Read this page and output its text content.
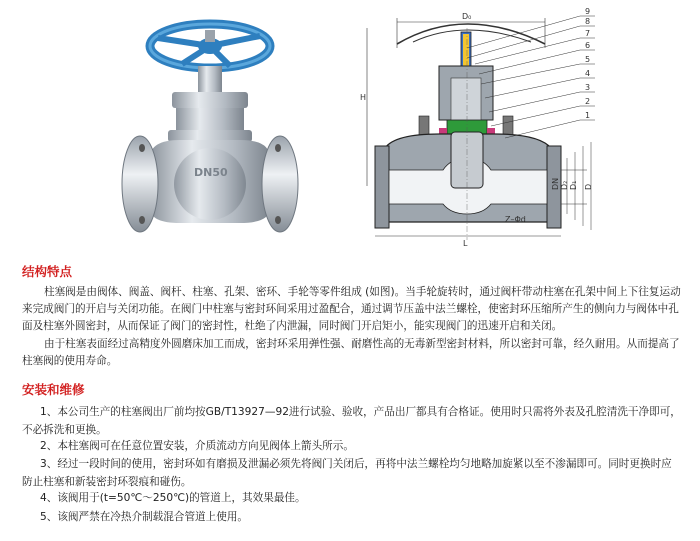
DN50
D₀
H
L
Z–Φd
DN D₂ D₁ D
9
8
7
6
5
4
3
2
1
结构特点
柱塞阀是由阀体、阀盖、阀杆、柱塞、孔架、密环、手轮等零件组成 (如图)。当手轮旋转时，通过阀杆带动柱塞在孔架中间上下往复运动来完成阀门的开启与关闭功能。在阀门中柱塞与密封环间采用过盈配合，通过调节压盖中法兰螺栓，使密封环压缩所产生的侧向力与阀体中孔面及柱塞外圆密封，从而保证了阀门的密封性，杜绝了内泄漏，同时阀门开启矩小，能实现阀门的迅速开启和关闭。
由于柱塞表面经过高精度外圆磨床加工而成，密封环采用弹性强、耐磨性高的无毒新型密封材料，所以密封可靠，经久耐用。从而提高了柱塞阀的使用寿命。
安装和维修
1、本公司生产的柱塞阀出厂前均按GB/T13927—92进行试验、验收，产品出厂都具有合格证。使用时只需将外表及孔腔清洗干净即可，不必拆洗和更换。
2、本柱塞阀可在任意位置安装，介质流动方向见阀体上箭头所示。
3、经过一段时间的使用，密封环如有磨损及泄漏必须先将阀门关闭后，再将中法兰螺栓均匀地略加旋紧以至不渗漏即可。同时更换时应防止柱塞和新装密封环裂痕和碰伤。
4、该阀用于(t=50℃～250℃)的管道上，其效果最佳。
5、该阀严禁在冷热介制载混合管道上使用。
